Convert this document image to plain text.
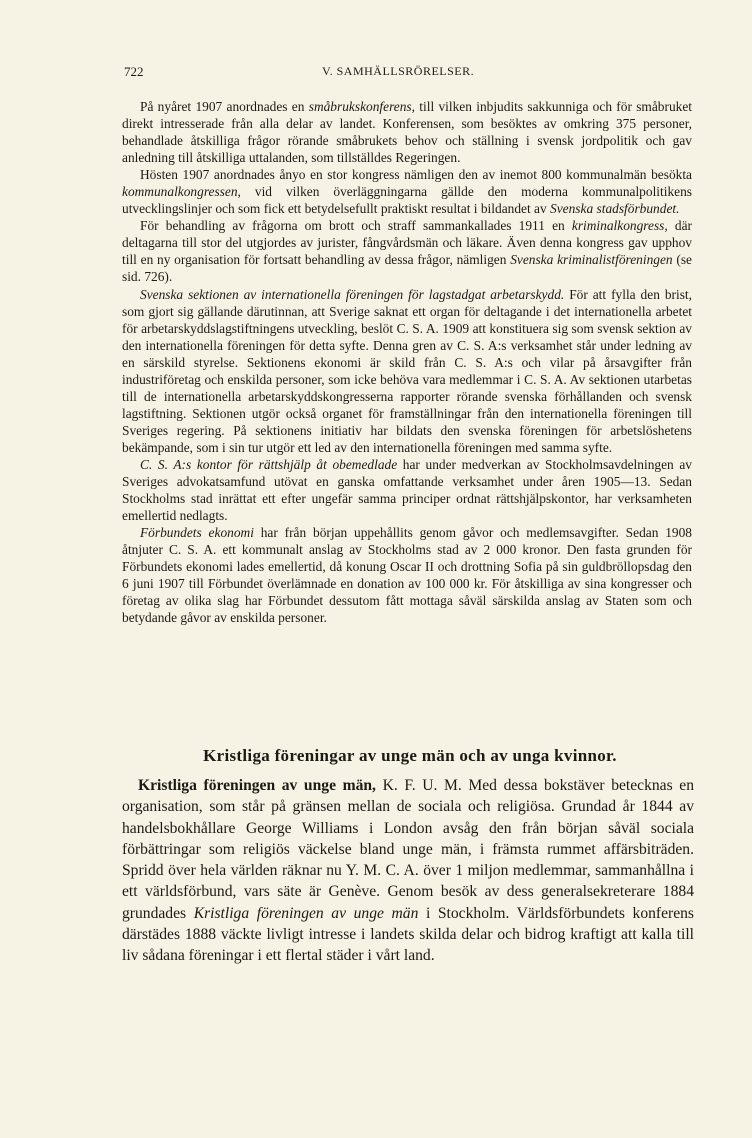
722	V. SAMHÄLLSRÖRELSER.

På nyåret 1907 anordnades en småbrukskonferens, till vilken inbjudits sakkunniga och för småbruket direkt intresserade från alla delar av landet. Konferensen, som besöktes av omkring 375 personer, behandlade åtskilliga frågor rörande småbrukets behov och ställning i svensk jordpolitik och gav anledning till åtskilliga uttalanden, som tillställdes Regeringen.

Hösten 1907 anordnades ånyo en stor kongress nämligen den av inemot 800 kommunalmän besökta kommunalkongressen, vid vilken överläggningarna gällde den moderna kommunalpolitikens utvecklingslinjer och som fick ett betydelsefullt praktiskt resultat i bildandet av Svenska stadsförbundet.

För behandling av frågorna om brott och straff sammankallades 1911 en kriminalkongress, där deltagarna till stor del utgjordes av jurister, fångvårdsmän och läkare. Även denna kongress gav upphov till en ny organisation för fortsatt behandling av dessa frågor, nämligen Svenska kriminalistföreningen (se sid. 726).

Svenska sektionen av internationella föreningen för lagstadgat arbetarskydd. För att fylla den brist, som gjort sig gällande därutinnan, att Sverige saknat ett organ för deltagande i det internationella arbetet för arbetarskyddslagstiftningens utveckling, beslöt C. S. A. 1909 att konstituera sig som svensk sektion av den internationella föreningen för detta syfte. Denna gren av C. S. A:s verksamhet står under ledning av en särskild styrelse. Sektionens ekonomi är skild från C. S. A:s och vilar på årsavgifter från industriföretag och enskilda personer, som icke behöva vara medlemmar i C. S. A. Av sektionen utarbetas till de internationella arbetarskyddskongresserna rapporter rörande svenska förhållanden och svensk lagstiftning. Sektionen utgör också organet för framställningar från den internationella föreningen till Sveriges regering. På sektionens initiativ har bildats den svenska föreningen för arbetslöshetens bekämpande, som i sin tur utgör ett led av den internationella föreningen med samma syfte.

C. S. A:s kontor för rättshjälp åt obemedlade har under medverkan av Stockholmsavdelningen av Sveriges advokatsamfund utövat en ganska omfattande verksamhet under åren 1905—13. Sedan Stockholms stad inrättat ett efter ungefär samma principer ordnat rättshjälpskontor, har verksamheten emellertid nedlagts.

Förbundets ekonomi har från början uppehållits genom gåvor och medlemsavgifter. Sedan 1908 åtnjuter C. S. A. ett kommunalt anslag av Stockholms stad av 2 000 kronor. Den fasta grunden för Förbundets ekonomi lades emellertid, då konung Oscar II och drottning Sofia på sin guldbröllopsdag den 6 juni 1907 till Förbundet överlämnade en donation av 100 000 kr. För åtskilliga av sina kongresser och företag av olika slag har Förbundet dessutom fått mottaga såväl särskilda anslag av Staten som och betydande gåvor av enskilda personer.

Kristliga föreningar av unge män och av unga kvinnor.

Kristliga föreningen av unge män, K. F. U. M. Med dessa bokstäver betecknas en organisation, som står på gränsen mellan de sociala och religiösa. Grundad år 1844 av handelsbokhållare George Williams i London avsåg den från början såväl sociala förbättringar som religiös väckelse bland unge män, i främsta rummet affärsbiträden. Spridd över hela världen räknar nu Y. M. C. A. över 1 miljon medlemmar, sammanhållna i ett världsförbund, vars säte är Genève. Genom besök av dess generalsekreterare 1884 grundades Kristliga föreningen av unge män i Stockholm. Världsförbundets konferens därstädes 1888 väckte livligt intresse i landets skilda delar och bidrog kraftigt att kalla till liv sådana föreningar i ett flertal städer i vårt land.
